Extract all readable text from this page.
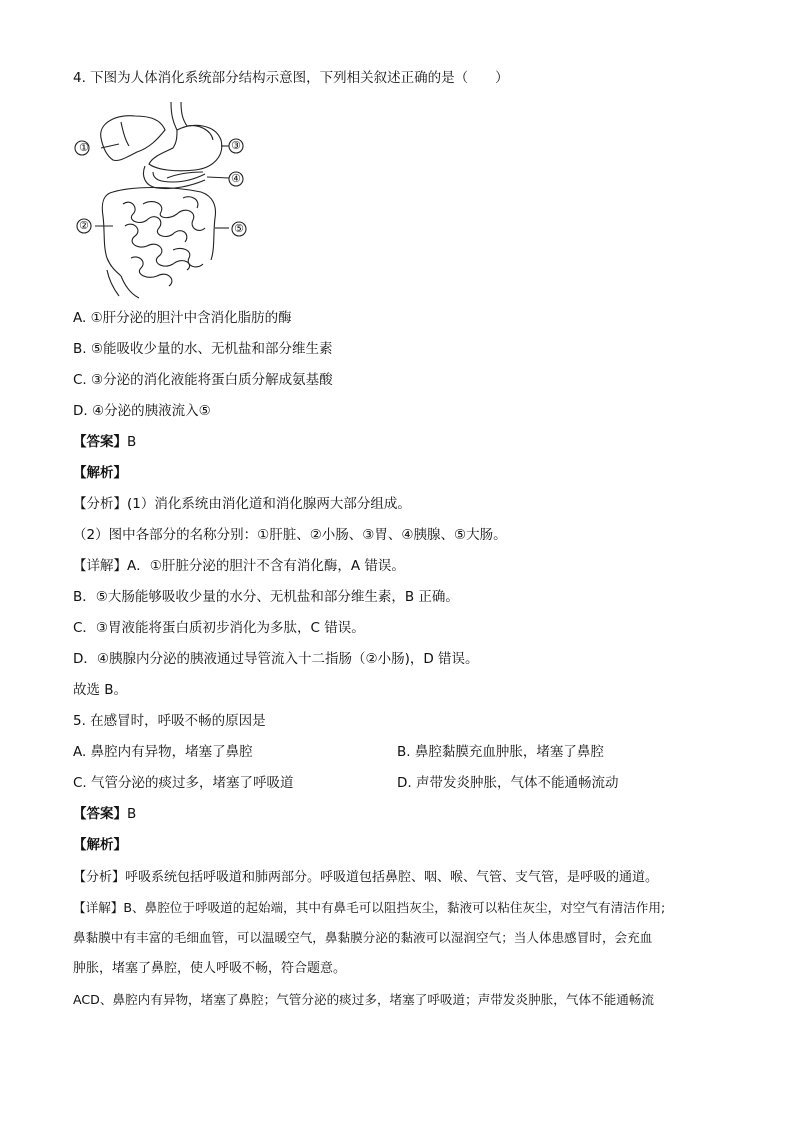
4. 下图为人体消化系统部分结构示意图，下列相关叙述正确的是（　　）
①
A. ①肝分泌的胆汁中含消化脂肪的酶
B. ⑤能吸收少量的水、无机盐和部分维生素
C. ③分泌的消化液能将蛋白质分解成氨基酸
D. ④分泌的胰液流入⑤
【答案】B
【解析】
【分析】(1）消化系统由消化道和消化腺两大部分组成。
（2）图中各部分的名称分别：①肝脏、②小肠、③胃、④胰腺、⑤大肠。
【详解】A．①肝脏分泌的胆汁不含有消化酶，A 错误。
B．⑤大肠能够吸收少量的水分、无机盐和部分维生素，B 正确。
C．③胃液能将蛋白质初步消化为多肽，C 错误。
D．④胰腺内分泌的胰液通过导管流入十二指肠（②小肠)，D 错误。
故选 B。
5. 在感冒时，呼吸不畅的原因是
A. 鼻腔内有异物，堵塞了鼻腔	B. 鼻腔黏膜充血肿胀，堵塞了鼻腔
C. 气管分泌的痰过多，堵塞了呼吸道	D. 声带发炎肿胀，气体不能通畅流动
【答案】B
【解析】
【分析】呼吸系统包括呼吸道和肺两部分。呼吸道包括鼻腔、咽、喉、气管、支气管，是呼吸的通道。
【详解】B、鼻腔位于呼吸道的起始端，其中有鼻毛可以阻挡灰尘，黏液可以粘住灰尘，对空气有清洁作用;
鼻黏膜中有丰富的毛细血管，可以温暖空气，鼻黏膜分泌的黏液可以湿润空气；当人体患感冒时，会充血
肿胀，堵塞了鼻腔，使人呼吸不畅，符合题意。
ACD、鼻腔内有异物，堵塞了鼻腔；气管分泌的痰过多，堵塞了呼吸道；声带发炎肿胀，气体不能通畅流
③
④
②	⑤
